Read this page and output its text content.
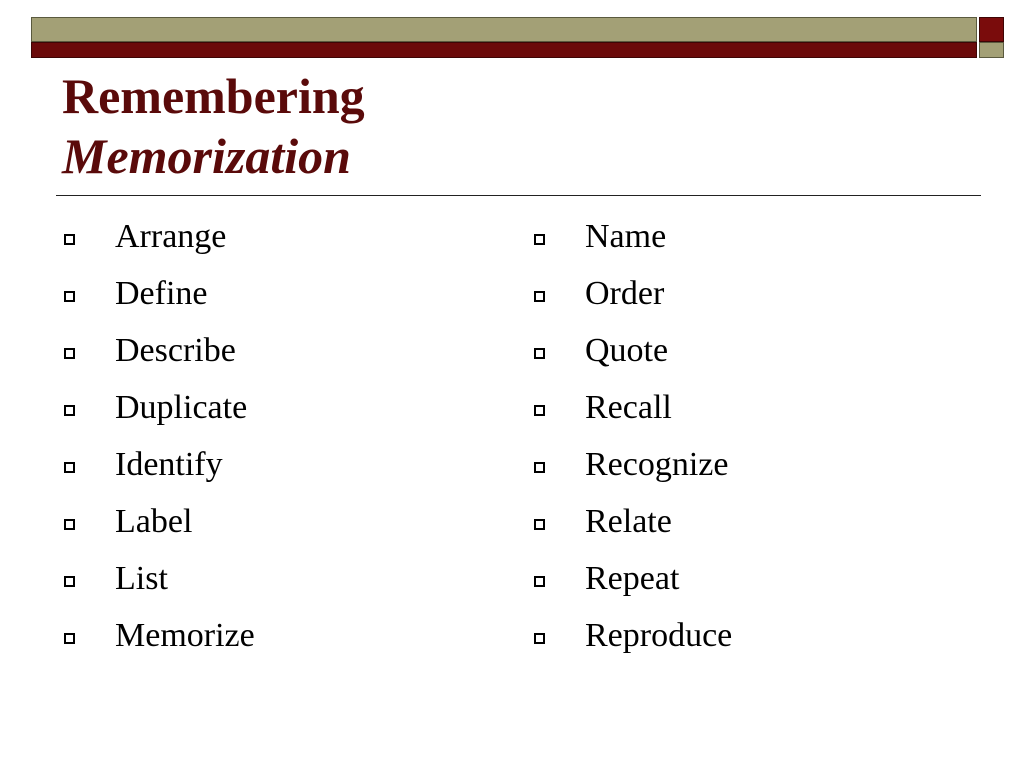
Remembering
Memorization
Arrange
Define
Describe
Duplicate
Identify
Label
List
Memorize
Name
Order
Quote
Recall
Recognize
Relate
Repeat
Reproduce
